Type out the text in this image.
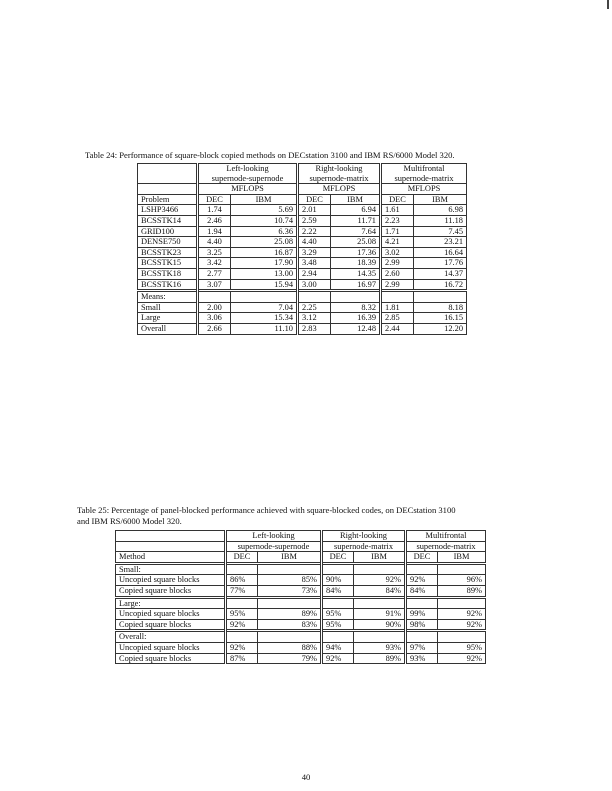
Table 24: Performance of square-block copied methods on DECstation 3100 and IBM RS/6000 Model 320.
	Left-looking		Right-looking		Multifrontal	
	supernode-supernode		supernode-matrix		supernode-matrix	
	MFLOPS		MFLOPS		MFLOPS	
Problem	DEC	IBM	DEC	IBM	DEC	IBM
LSHP3466	1.74	5.69	2.01	6.94	1.61	6.98
BCSSTK14	2.46	10.74	2.59	11.71	2.23	11.18
GRID100	1.94	6.36	2.22	7.64	1.71	7.45
DENSE750	4.40	25.08	4.40	25.08	4.21	23.21
BCSSTK23	3.25	16.87	3.29	17.36	3.02	16.64
BCSSTK15	3.42	17.90	3.48	18.39	2.99	17.76
BCSSTK18	2.77	13.00	2.94	14.35	2.60	14.37
BCSSTK16	3.07	15.94	3.00	16.97	2.99	16.72
Means:						
Small	2.00	7.04	2.25	8.32	1.81	8.18
Large	3.06	15.34	3.12	16.39	2.85	16.15
Overall	2.66	11.10	2.83	12.48	2.44	12.20
Table 25: Percentage of panel-blocked performance achieved with square-blocked codes, on DECstation 3100
and IBM RS/6000 Model 320.
	Left-looking		Right-looking		Multifrontal	
	supernode-supernode		supernode-matrix		supernode-matrix	
Method	DEC	IBM	DEC	IBM	DEC	IBM
Small:						
Uncopied square blocks	86%	85%	90%	92%	92%	96%
Copied square blocks	77%	73%	84%	84%	84%	89%
Large:						
Uncopied square blocks	95%	89%	95%	91%	99%	92%
Copied square blocks	92%	83%	95%	90%	98%	92%
Overall:						
Uncopied square blocks	92%	88%	94%	93%	97%	95%
Copied square blocks	87%	79%	92%	89%	93%	92%
40
